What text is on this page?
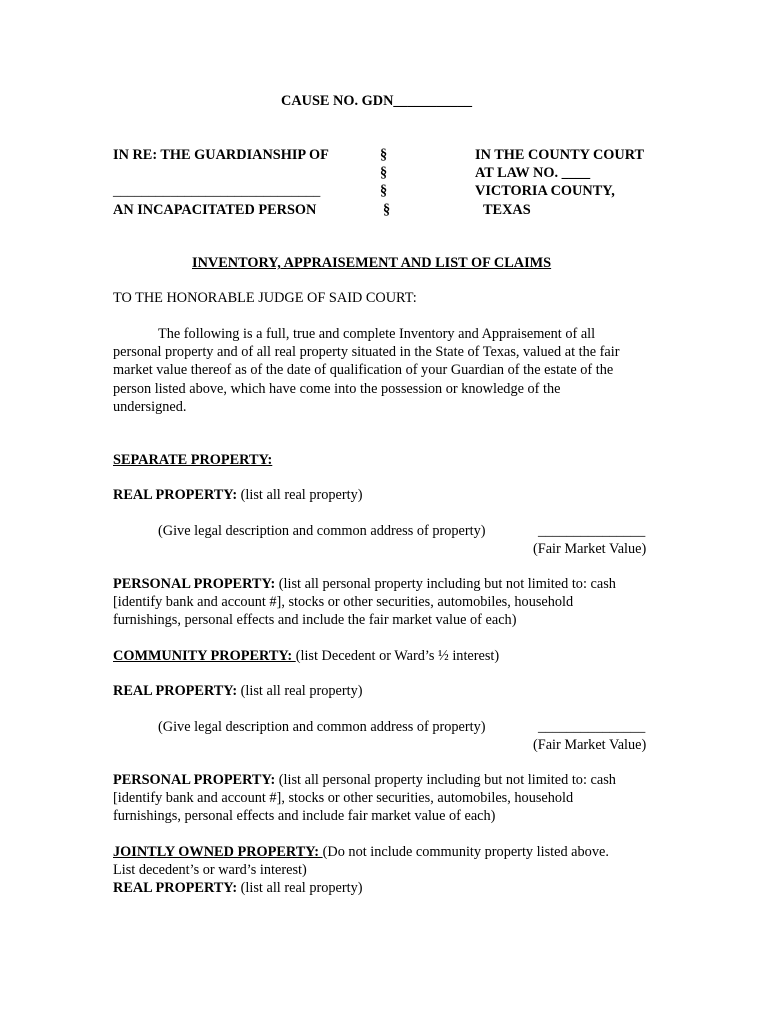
CAUSE NO. GDN___________
IN RE: THE GUARDIANSHIP OF
_____________________________
AN INCAPACITATED PERSON
§
§
§
§
IN THE COUNTY COURT
AT LAW NO. ____
VICTORIA COUNTY,
TEXAS
INVENTORY, APPRAISEMENT AND LIST OF CLAIMS
TO THE HONORABLE JUDGE OF SAID COURT:
The following is a full, true and complete Inventory and Appraisement of all
personal property and of all real property situated in the State of Texas, valued at the fair
market value thereof as of the date of qualification of your Guardian of the estate of the
person listed above, which have come into the possession or knowledge of the
undersigned.
SEPARATE PROPERTY:
REAL PROPERTY: (list all real property)
(Give legal description and common address of property)	_______________
(Fair Market Value)
PERSONAL PROPERTY: (list all personal property including but not limited to: cash
[identify bank and account #], stocks or other securities, automobiles, household
furnishings, personal effects and include the fair market value of each)
COMMUNITY PROPERTY: (list Decedent or Ward’s ½ interest)
REAL PROPERTY: (list all real property)
(Give legal description and common address of property)	_______________
(Fair Market Value)
PERSONAL PROPERTY: (list all personal property including but not limited to: cash
[identify bank and account #], stocks or other securities, automobiles, household
furnishings, personal effects and include fair market value of each)
JOINTLY OWNED PROPERTY: (Do not include community property listed above.
List decedent’s or ward’s interest)
REAL PROPERTY: (list all real property)
